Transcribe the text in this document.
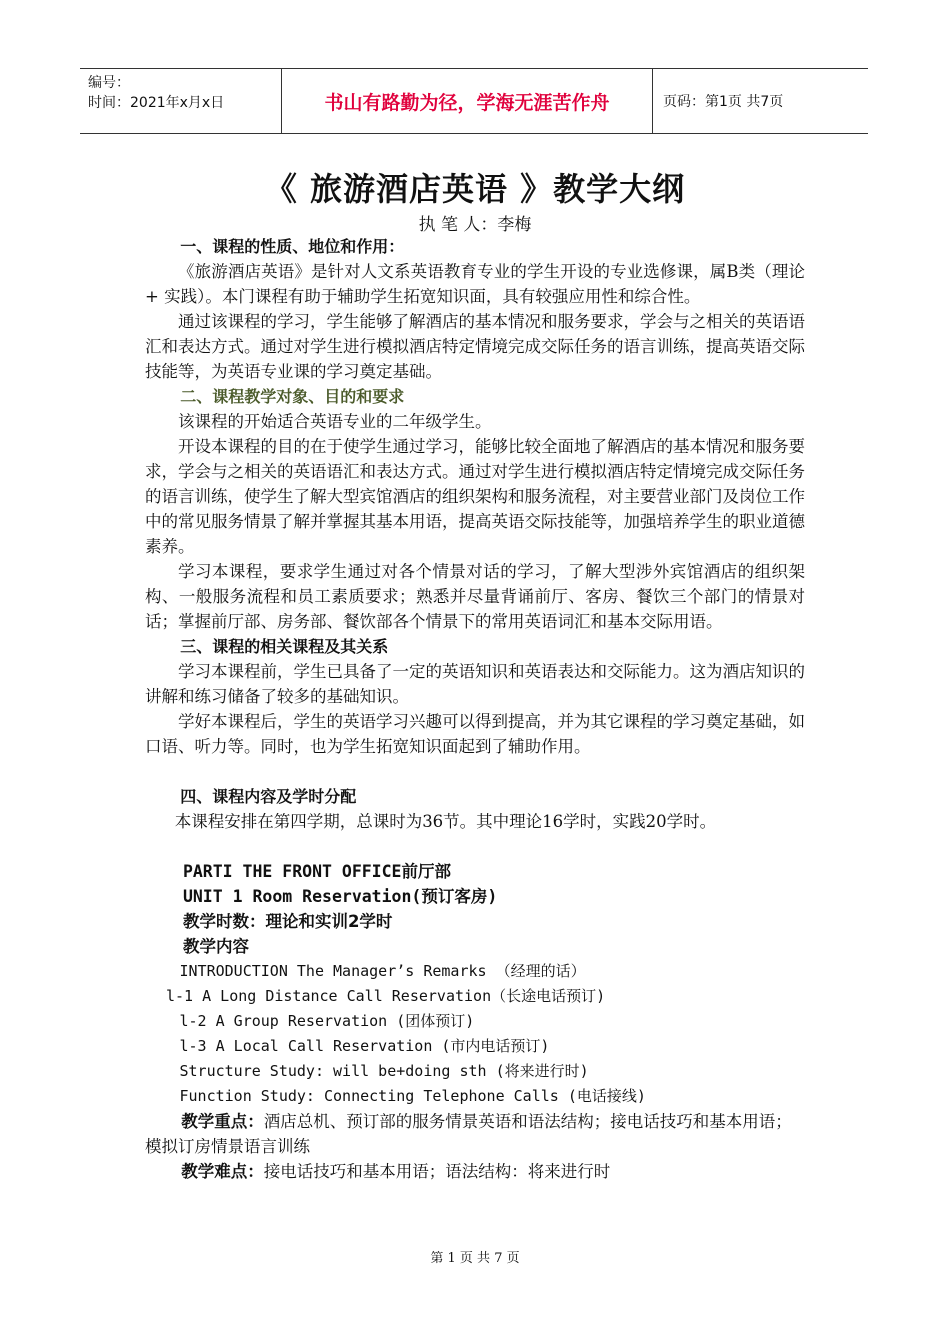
编号：
时间：2021年x月x日	书山有路勤为径，学海无涯苦作舟	页码：第1页 共7页
《 旅游酒店英语 》教学大纲
执 笔 人：李梅

一、课程的性质、地位和作用：

《旅游酒店英语》是针对人文系英语教育专业的学生开设的专业选修课，属B类（理论+ 实践）。本门课程有助于辅助学生拓宽知识面，具有较强应用性和综合性。

通过该课程的学习，学生能够了解酒店的基本情况和服务要求，学会与之相关的英语语汇和表达方式。通过对学生进行模拟酒店特定情境完成交际任务的语言训练，提高英语交际技能等，为英语专业课的学习奠定基础。

二、课程教学对象、目的和要求

该课程的开始适合英语专业的二年级学生。

开设本课程的目的在于使学生通过学习，能够比较全面地了解酒店的基本情况和服务要求，学会与之相关的英语语汇和表达方式。通过对学生进行模拟酒店特定情境完成交际任务的语言训练，使学生了解大型宾馆酒店的组织架构和服务流程，对主要营业部门及岗位工作中的常见服务情景了解并掌握其基本用语，提高英语交际技能等，加强培养学生的职业道德素养。

学习本课程，要求学生通过对各个情景对话的学习，了解大型涉外宾馆酒店的组织架构、一般服务流程和员工素质要求；熟悉并尽量背诵前厅、客房、餐饮三个部门的情景对话；掌握前厅部、房务部、餐饮部各个情景下的常用英语词汇和基本交际用语。

三、课程的相关课程及其关系

学习本课程前，学生已具备了一定的英语知识和英语表达和交际能力。这为酒店知识的讲解和练习储备了较多的基础知识。

学好本课程后，学生的英语学习兴趣可以得到提高，并为其它课程的学习奠定基础，如口语、听力等。同时，也为学生拓宽知识面起到了辅助作用。

四、课程内容及学时分配

本课程安排在第四学期，总课时为36节。其中理论16学时，实践20学时。

PARTI THE FRONT OFFICE前厅部

UNIT 1 Room Reservation(预订客房)

教学时数：理论和实训2学时

教学内容

INTRODUCTION The Manager’s Remarks （经理的话）

l-1 A Long Distance Call Reservation（长途电话预订)

l-2 A Group Reservation (团体预订)

l-3 A Local Call Reservation (市内电话预订)

Structure Study: will be+doing sth (将来进行时)

Function Study: Connecting Telephone Calls (电话接线)

教学重点：酒店总机、预订部的服务情景英语和语法结构；接电话技巧和基本用语；模拟订房情景语言训练

教学难点：接电话技巧和基本用语；语法结构：将来进行时

第 1 页 共 7 页
